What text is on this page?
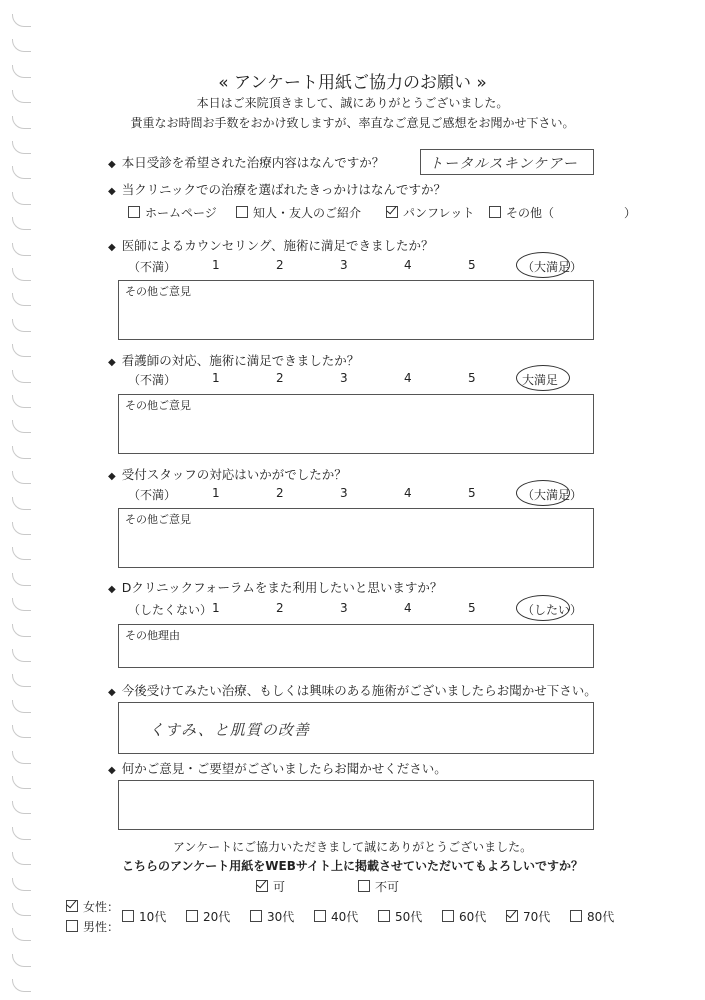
« アンケート用紙ご協力のお願い »
本日はご来院頂きまして、誠にありがとうございました。
貴重なお時間お手数をおかけ致しますが、率直なご意見ご感想をお聞かせ下さい。
◆ 本日受診を希望された治療内容はなんですか？	トータルスキンケアー
◆ 当クリニックでの治療を選ばれたきっかけはなんですか？
ホームページ	知人・友人のご紹介	パンフレット	その他（	）
◆ 医師によるカウンセリング、施術に満足できましたか？
その他ご意見
◆ 看護師の対応、施術に満足できましたか？
その他ご意見
◆ 受付スタッフの対応はいかがでしたか？
その他ご意見
◆ Dクリニックフォーラムをまた利用したいと思いますか？
その他理由
◆ 今後受けてみたい治療、もしくは興味のある施術がございましたらお聞かせ下さい。
くすみ、と肌質の改善
◆ 何かご意見・ご要望がございましたらお聞かせください。
アンケートにご協力いただきまして誠にありがとうございました。
こちらのアンケート用紙をWEBサイト上に掲載させていただいてもよろしいですか？
可	不可
女性：
男性：
10代	20代	30代	40代	50代	60代	70代	80代
（不満）	1	2	3	4	5	（大満足）
（不満）	1	2	3	4	5	大満足
（不満）	1	2	3	4	5	（大満足）
（したくない） 1	2	3	4	5	（したい）
